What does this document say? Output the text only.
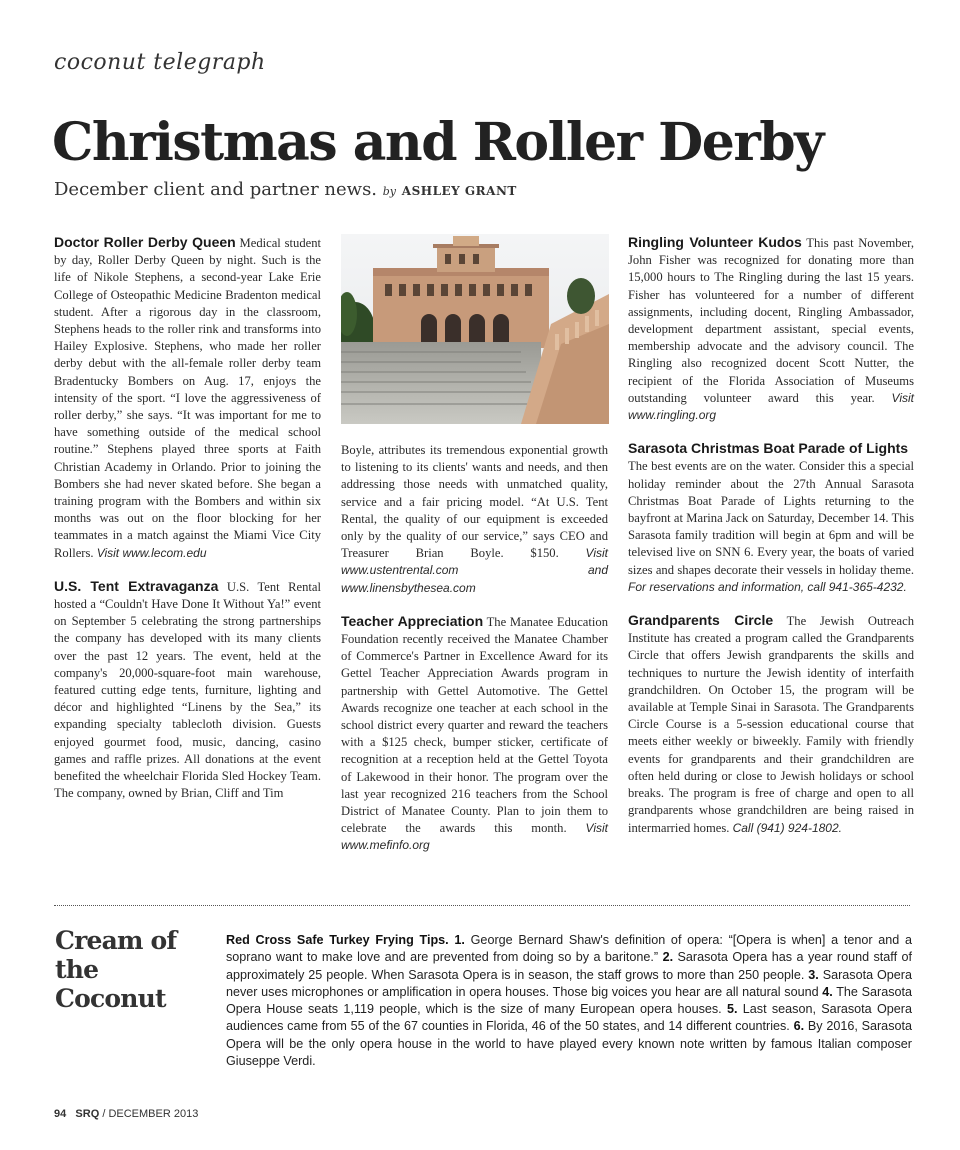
coconut telegraph
Christmas and Roller Derby
December client and partner news. by ASHLEY GRANT

Doctor Roller Derby Queen Medical student by day, Roller Derby Queen by night. Such is the life of Nikole Stephens, a second-year Lake Erie College of Osteopathic Medicine Bradenton medical student. After a rigorous day in the classroom, Stephens heads to the roller rink and transforms into Hailey Explosive. Stephens, who made her roller derby debut with the all-female roller derby team Bradentucky Bombers on Aug. 17, enjoys the intensity of the sport. “I love the aggressiveness of roller derby,” she says. “It was important for me to have something outside of the medical school routine.” Stephens played three sports at Faith Christian Academy in Orlando. Prior to joining the Bombers she had never skated before. She began a training program with the Bombers and within six months was out on the floor blocking for her teammates in a match against the Miami Vice City Rollers. Visit www.lecom.edu

U.S. Tent Extravaganza U.S. Tent Rental hosted a “Couldn't Have Done It Without Ya!” event on September 5 celebrating the strong partnerships the company has developed with its many clients over the past 12 years. The event, held at the company's 20,000-square-foot main warehouse, featured cutting edge tents, furniture, lighting and décor and highlighted “Linens by the Sea,” its expanding specialty tablecloth division. Guests enjoyed gourmet food, music, dancing, casino games and raffle prizes. All donations at the event benefited the wheelchair Florida Sled Hockey Team. The company, owned by Brian, Cliff and Tim

Boyle, attributes its tremendous exponential growth to listening to its clients' wants and needs, and then addressing those needs with unmatched quality, service and a fair pricing model. “At U.S. Tent Rental, the quality of our equipment is exceeded only by the quality of our service,” says CEO and Treasurer Brian Boyle. $150. Visit www.ustentrental.com and www.linensbythesea.com

Teacher Appreciation The Manatee Education Foundation recently received the Manatee Chamber of Commerce's Partner in Excellence Award for its Gettel Teacher Appreciation Awards program in partnership with Gettel Automotive. The Gettel Awards recognize one teacher at each school in the school district every quarter and reward the teachers with a $125 check, bumper sticker, certificate of recognition at a reception held at the Gettel Toyota of Lakewood in their honor. The program over the last year recognized 216 teachers from the School District of Manatee County. Plan to join them to celebrate the awards this month. Visit www.mefinfo.org

Ringling Volunteer Kudos This past November, John Fisher was recognized for donating more than 15,000 hours to The Ringling during the last 15 years. Fisher has volunteered for a number of different assignments, including docent, Ringling Ambassador, development department assistant, special events, membership advocate and the advisory council. The Ringling also recognized docent Scott Nutter, the recipient of the Florida Association of Museums outstanding volunteer award this year. Visit www.ringling.org

Sarasota Christmas Boat Parade of Lights
The best events are on the water. Consider this a special holiday reminder about the 27th Annual Sarasota Christmas Boat Parade of Lights returning to the bayfront at Marina Jack on Saturday, December 14. This Sarasota family tradition will begin at 6pm and will be televised live on SNN 6. Every year, the boats of varied sizes and shapes decorate their vessels in holiday theme. For reservations and information, call 941-365-4232.

Grandparents Circle The Jewish Outreach Institute has created a program called the Grandparents Circle that offers Jewish grandparents the skills and techniques to nurture the Jewish identity of interfaith grandchildren. On October 15, the program will be available at Temple Sinai in Sarasota. The Grandparents Circle Course is a 5-session educational course that meets either weekly or biweekly. Family with friendly events for grandparents and their grandchildren are often held during or close to Jewish holidays or school breaks. The program is free of charge and open to all grandparents whose grandchildren are being raised in intermarried homes. Call (941) 924-1802.

Cream of
the Coconut
Red Cross Safe Turkey Frying Tips. 1. George Bernard Shaw's definition of opera: “[Opera is when] a tenor and a soprano want to make love and are prevented from doing so by a baritone.” 2. Sarasota Opera has a year round staff of approximately 25 people. When Sarasota Opera is in season, the staff grows to more than 250 people. 3. Sarasota Opera never uses microphones or amplification in opera houses. Those big voices you hear are all natural sound 4. The Sarasota Opera House seats 1,119 people, which is the size of many European opera houses. 5. Last season, Sarasota Opera audiences came from 55 of the 67 counties in Florida, 46 of the 50 states, and 14 different countries. 6. By 2016, Sarasota Opera will be the only opera house in the world to have played every known note written by famous Italian composer Giuseppe Verdi.
94 SRQ / DECEMBER 2013
